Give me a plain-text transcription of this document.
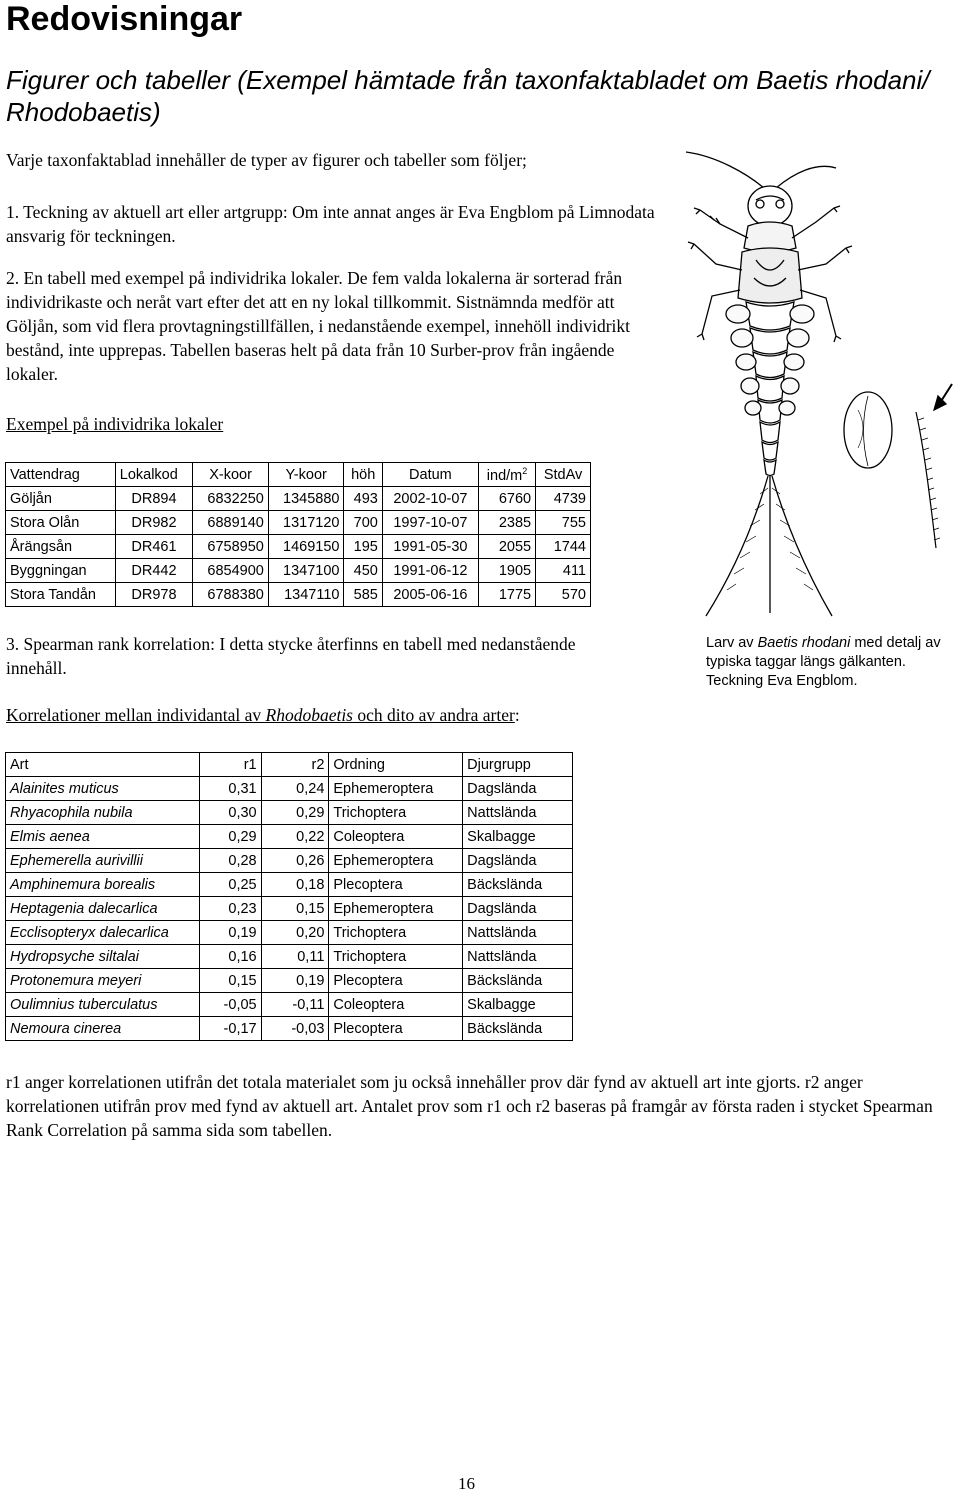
Redovisningar

Figurer och tabeller (Exempel hämtade från taxonfaktabladet om Baetis rhodani/ Rhodobaetis)

Varje taxonfaktablad innehåller de typer av figurer och tabeller som följer;

1. Teckning av aktuell art eller artgrupp: Om inte annat anges är Eva Engblom på Limnodata ansvarig för teckningen.

2. En tabell med exempel på individrika lokaler. De fem valda lokalerna är sorterad från individrikaste och neråt vart efter det att en ny lokal tillkommit. Sistnämnda medför att Göljån, som vid flera provtagningstillfällen, i nedanstående exempel, innehöll individrikt bestånd, inte upprepas. Tabellen baseras helt på data från 10 Surber-prov från ingående lokaler.

Exempel på individrika lokaler

Vattendrag	Lokalkod	X-koor	Y-koor	höh	Datum	ind/$m^2$	StdAv
Göljån	DR894	6832250	1345880	493	2002-10-07	6760	4739
Stora Olån	DR982	6889140	1317120	700	1997-10-07	2385	755
Årängsån	DR461	6758950	1469150	195	1991-05-30	2055	1744
Byggningan	DR442	6854900	1347100	450	1991-06-12	1905	411
Stora Tandån	DR978	6788380	1347110	585	2005-06-16	1775	570

Larv av Baetis rhodani med detalj av typiska taggar längs gälkanten. Teckning Eva Engblom.

3. Spearman rank korrelation: I detta stycke återfinns en tabell med nedanstående innehåll.

Korrelationer mellan individantal av Rhodobaetis och dito av andra arter:

Art	r1	r2	Ordning	Djurgrupp
Alainites muticus	0,31	0,24	Ephemeroptera	Dagslända
Rhyacophila nubila	0,30	0,29	Trichoptera	Nattslända
Elmis aenea	0,29	0,22	Coleoptera	Skalbagge
Ephemerella aurivillii	0,28	0,26	Ephemeroptera	Dagslända
Amphinemura borealis	0,25	0,18	Plecoptera	Bäckslända
Heptagenia dalecarlica	0,23	0,15	Ephemeroptera	Dagslända
Ecclisopteryx dalecarlica	0,19	0,20	Trichoptera	Nattslända
Hydropsyche siltalai	0,16	0,11	Trichoptera	Nattslända
Protonemura meyeri	0,15	0,19	Plecoptera	Bäckslända
Oulimnius tuberculatus	-0,05	-0,11	Coleoptera	Skalbagge
Nemoura cinerea	-0,17	-0,03	Plecoptera	Bäckslända

r1 anger korrelationen utifrån det totala materialet som ju också innehåller prov där fynd av aktuell art inte gjorts. r2 anger korrelationen utifrån prov med fynd av aktuell art. Antalet prov som r1 och r2 baseras på framgår av första raden i stycket Spearman Rank Correlation på samma sida som tabellen.

16
